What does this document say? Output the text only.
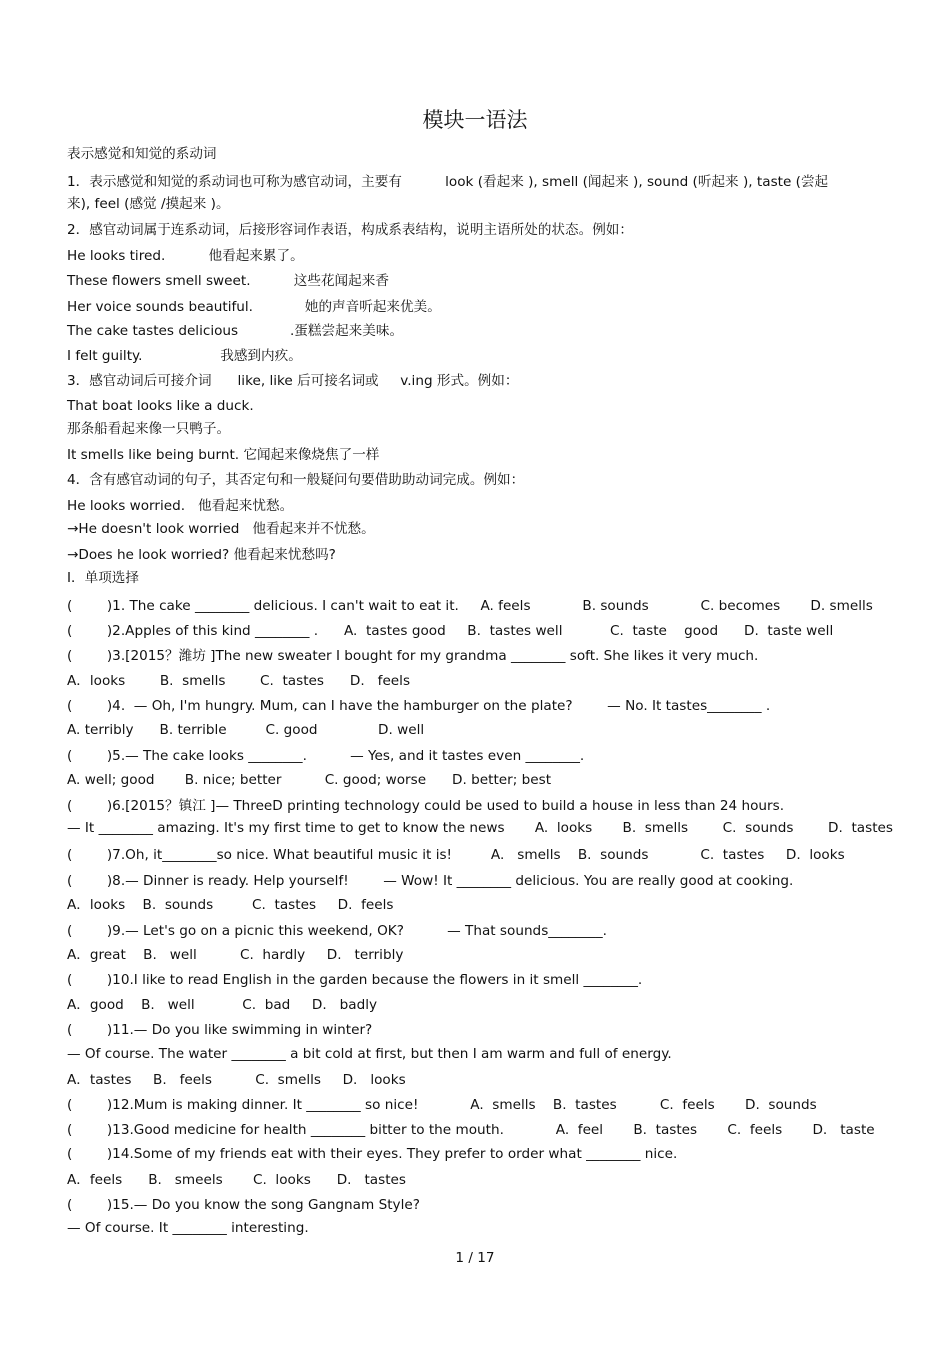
模块一语法
表示感觉和知觉的系动词
1．表示感觉和知觉的系动词也可称为感官动词，主要有          look (看起来 ), smell (闻起来 ), sound (听起来 ), taste (尝起
来), feel (感觉 /摸起来 )。
2．感官动词属于连系动词，后接形容词作表语，构成系表结构，说明主语所处的状态。例如：
He looks tired.          他看起来累了。
These flowers smell sweet.          这些花闻起来香
Her voice sounds beautiful.            她的声音听起来优美。
The cake tastes delicious            .蛋糕尝起来美味。
I felt guilty.                  我感到内疚。
3．感官动词后可接介词      like, like 后可接名词或     v.ing 形式。例如：
That boat looks like a duck.
那条船看起来像一只鸭子。
It smells like being burnt. 它闻起来像烧焦了一样
4．含有感官动词的句子，其否定句和一般疑问句要借助助动词完成。例如：
He looks worried.   他看起来忧愁。
→He doesn't look worried   他看起来并不忧愁。
→Does he look worried? 他看起来忧愁吗?
Ⅰ．单项选择
(        )1. The cake ________ delicious. I can't wait to eat it.     A. feels            B. sounds            C. becomes       D. smells
(        )2.Apples of this kind ________ .      A.  tastes good     B.  tastes well           C.  taste    good      D.  taste well
(        )3.[2015？潍坊 ]The new sweater I bought for my grandma ________ soft. She likes it very much.
A．looks        B.  smells        C.  tastes      D.   feels
(        )4.  — Oh, I'm hungry. Mum, can I have the hamburger on the plate?        — No. It tastes________ .
A. terribly      B. terrible         C. good              D. well
(        )5.— The cake looks ________.          — Yes, and it tastes even ________.
A. well; good       B. nice; better          C. good; worse      D. better; best
(        )6.[2015？镇江 ]— ThreeD printing technology could be used to build a house in less than 24 hours.
— It ________ amazing. It's my first time to get to know the news       A.  looks       B.  smells        C.  sounds        D.  tastes
(        )7.Oh, it________so nice. What beautiful music it is!         A.   smells    B.  sounds            C.  tastes     D.  looks
(        )8.— Dinner is ready. Help yourself!        — Wow! It ________ delicious. You are really good at cooking.
A．looks    B.  sounds         C.  tastes     D.  feels
(        )9.— Let's go on a picnic this weekend, OK?          — That sounds________.
A．great    B.   well          C.  hardly     D.   terribly
(        )10.I like to read English in the garden because the flowers in it smell ________.
A．good    B.   well           C.  bad     D.   badly
(        )11.— Do you like swimming in winter?
— Of course. The water ________ a bit cold at first, but then I am warm and full of energy.
A．tastes     B.   feels          C.  smells     D.   looks
(        )12.Mum is making dinner. It ________ so nice!            A.  smells    B.  tastes          C.  feels       D.  sounds
(        )13.Good medicine for health ________ bitter to the mouth.            A.  feel       B.  tastes       C.  feels       D.   taste
(        )14.Some of my friends eat with their eyes. They prefer to order what ________ nice.
A．feels      B.   smeels       C.  looks      D.   tastes
(        )15.— Do you know the song Gangnam Style?
— Of course. It ________ interesting.
1 / 17
